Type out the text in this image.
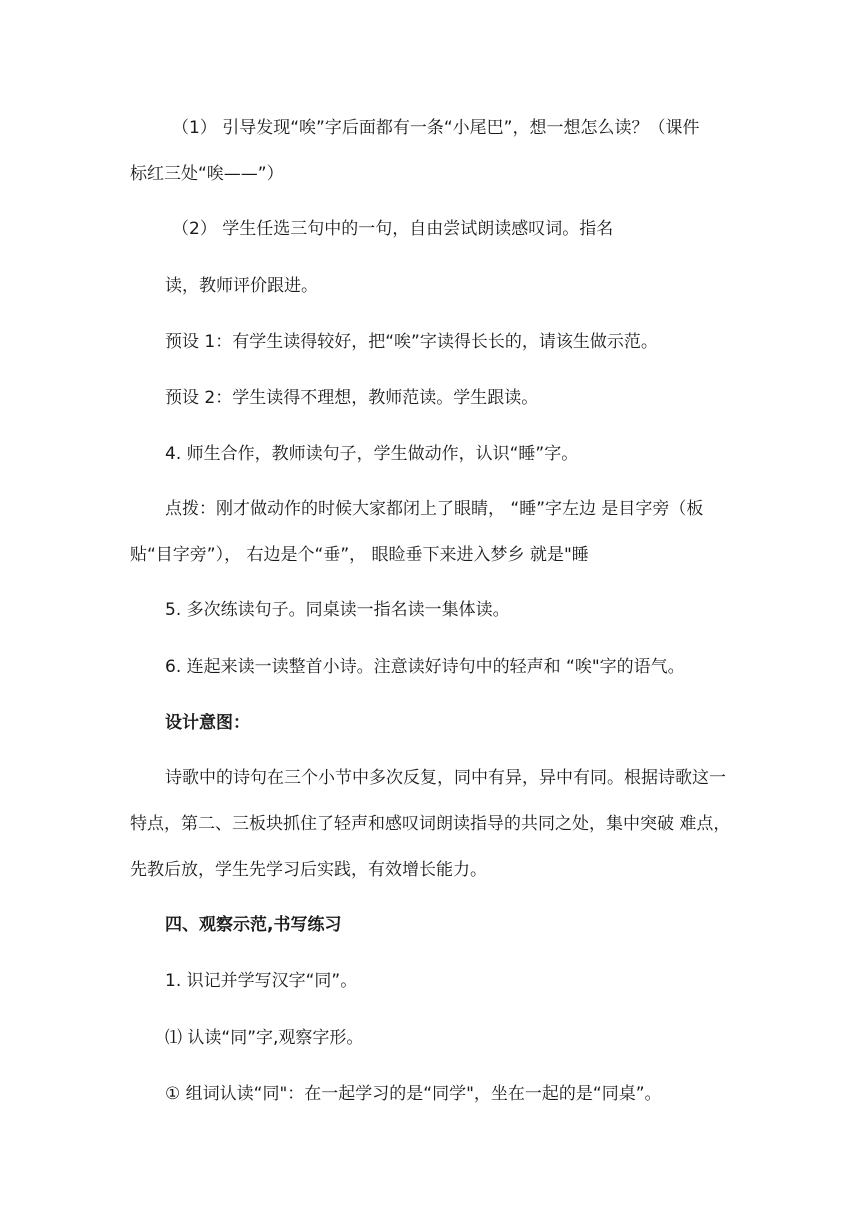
（1） 引导发现“唉”字后面都有一条“小尾巴”，想一想怎么读？（课件
标红三处“唉——”）
（2） 学生任选三句中的一句，自由尝试朗读感叹词。指名
读，教师评价跟进。
预设 1：有学生读得较好，把“唉”字读得长长的，请该生做示范。
预设 2：学生读得不理想，教师范读。学生跟读。
4. 师生合作，教师读句子，学生做动作，认识“睡”字。
点拨：刚才做动作的时候大家都闭上了眼睛， “睡”字左边 是目字旁（板
贴“目字旁”）， 右边是个“垂”， 眼睑垂下来进入梦乡 就是"睡
5. 多次练读句子。同桌读一指名读一集体读。
6. 连起来读一读整首小诗。注意读好诗句中的轻声和 “唉"字的语气。
设计意图：
诗歌中的诗句在三个小节中多次反复，同中有异，异中有同。根据诗歌这一
特点，第二、三板块抓住了轻声和感叹词朗读指导的共同之处，集中突破 难点，
先教后放，学生先学习后实践，有效增长能力。
四、观察示范,书写练习
1. 识记并学写汉字“同”。
⑴ 认读“同”字,观察字形。
① 组词认读“同"：在一起学习的是“同学"，坐在一起的是“同桌”。
